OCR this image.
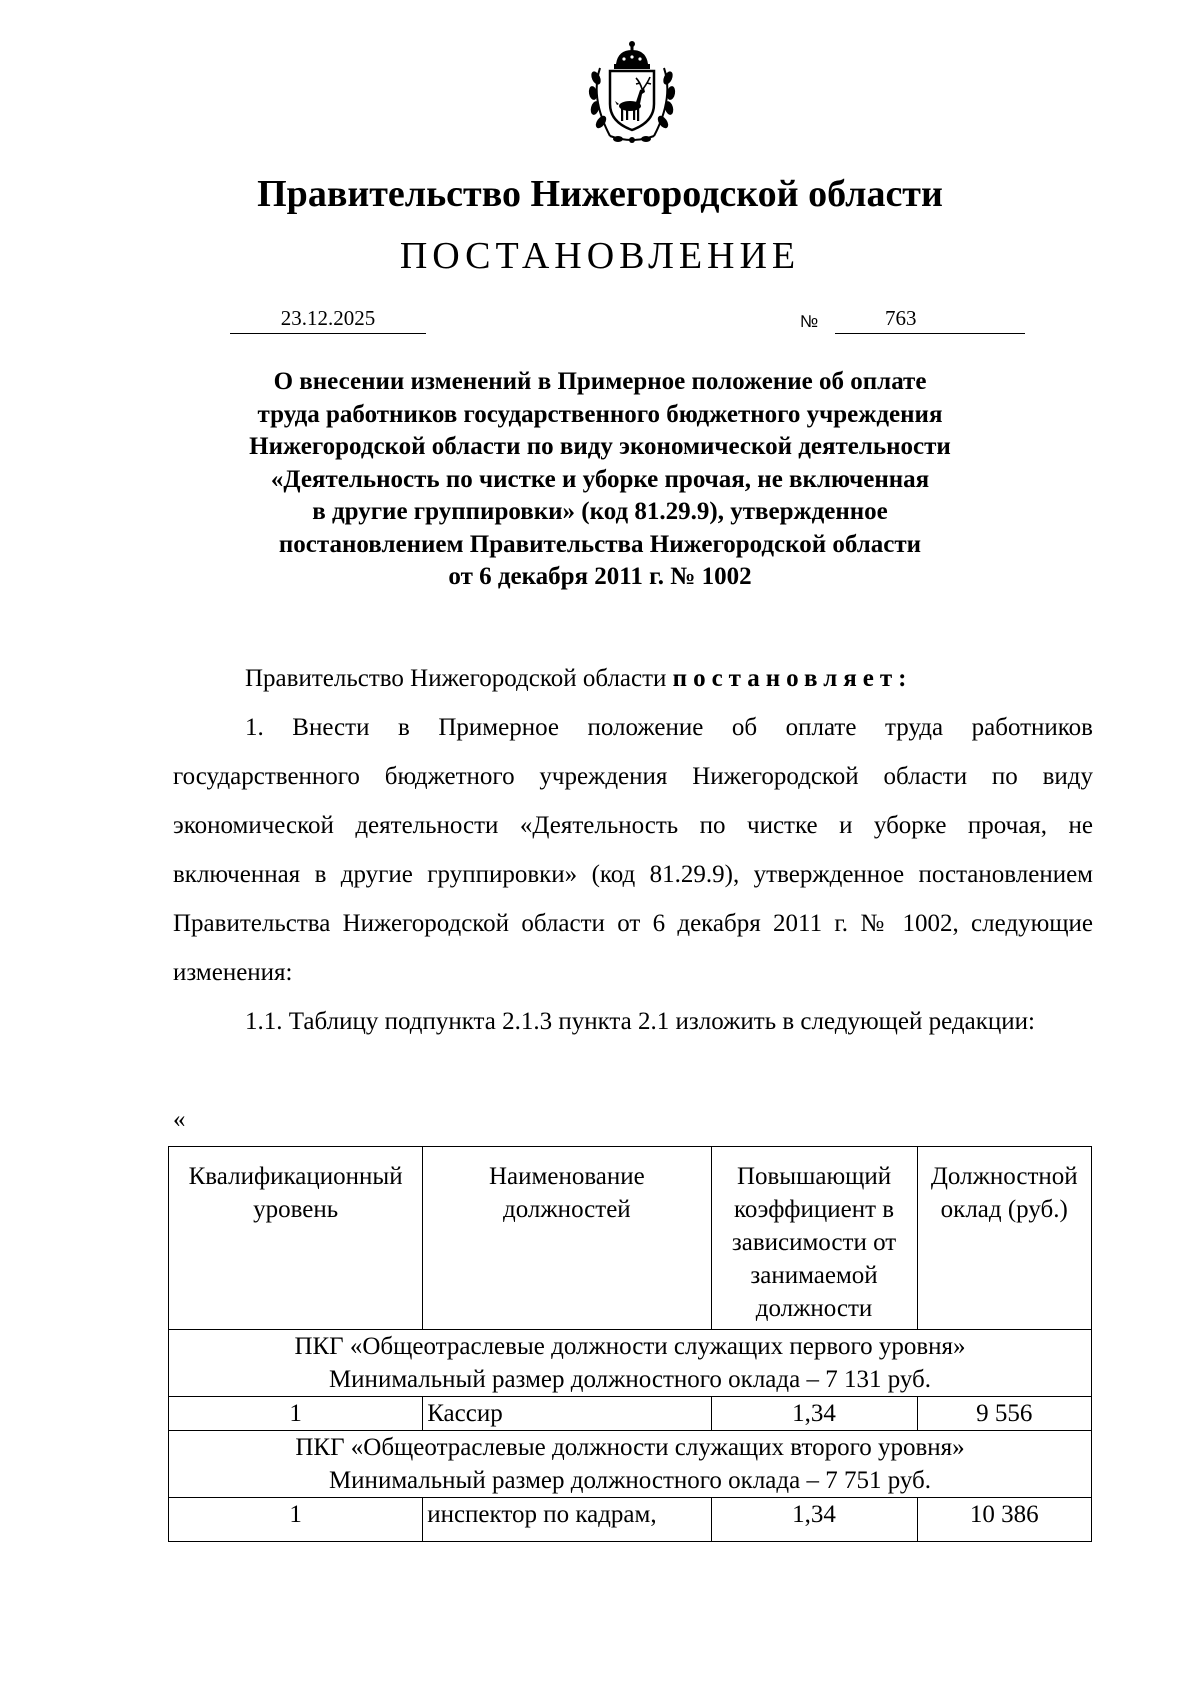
Правительство Нижегородской области
ПОСТАНОВЛЕНИЕ
23.12.2025	№	763
О внесении изменений в Примерное положение об оплате
труда работников государственного бюджетного учреждения
Нижегородской области по виду экономической деятельности
«Деятельность по чистке и уборке прочая, не включенная
в другие группировки» (код 81.29.9), утвержденное
постановлением Правительства Нижегородской области
от 6 декабря 2011 г. № 1002
Правительство Нижегородской области постановляет:
1. Внести в Примерное положение об оплате труда работников государственного бюджетного учреждения Нижегородской области по виду экономической деятельности «Деятельность по чистке и уборке прочая, не включенная в другие группировки» (код 81.29.9), утвержденное постановлением Правительства Нижегородской области от 6 декабря 2011 г. № 1002, следующие изменения:
1.1. Таблицу подпункта 2.1.3 пункта 2.1 изложить в следующей редакции:
«
Квалификационный уровень	Наименование должностей	Повышающий коэффициент в зависимости от занимаемой должности	Должностной оклад (руб.)

ПКГ «Общеотраслевые должности служащих первого уровня»
Минимальный размер должностного оклада – 7 131 руб.			

1	Кассир	1,34	9 556

ПКГ «Общеотраслевые должности служащих второго уровня»
Минимальный размер должностного оклада – 7 751 руб.			

1	инспектор по кадрам,	1,34	10 386
